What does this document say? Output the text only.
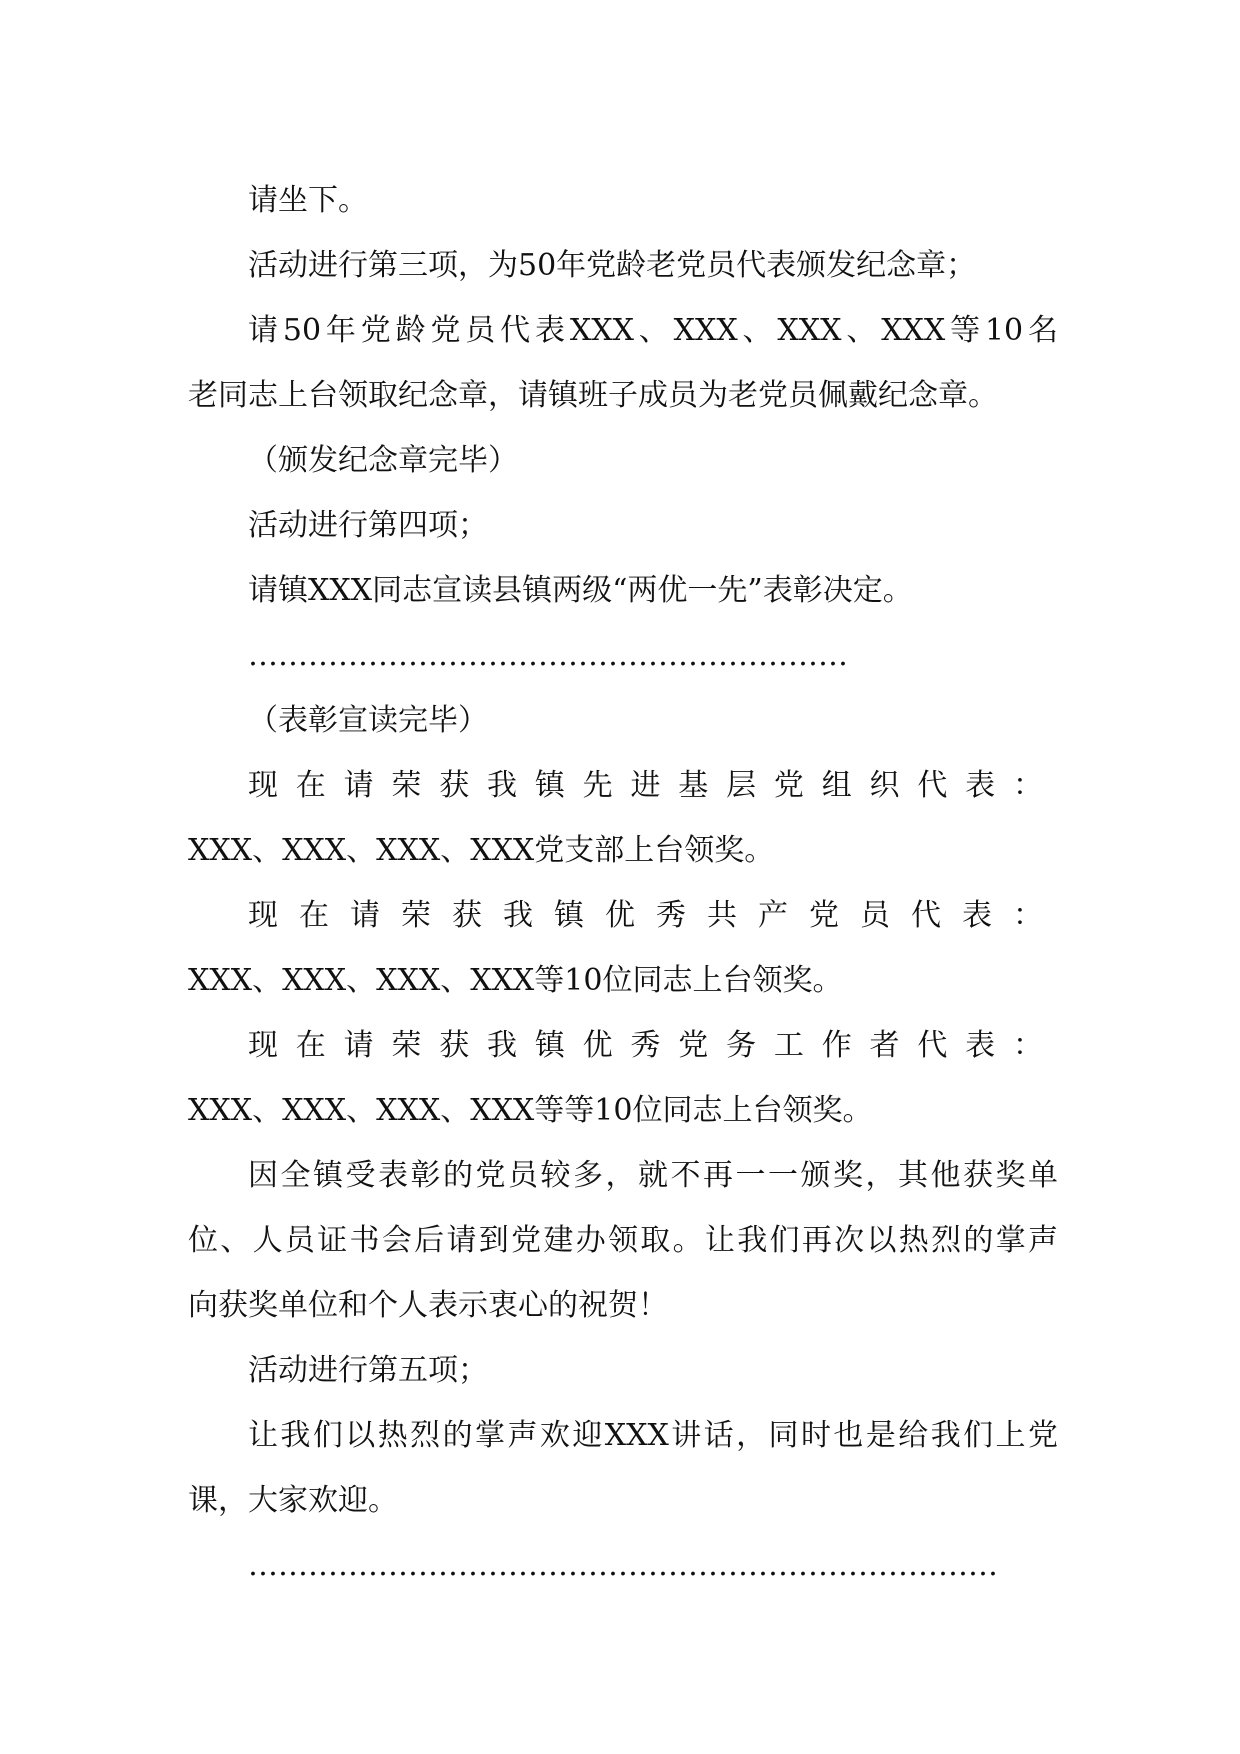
请坐下。

活动进行第三项，为50年党龄老党员代表颁发纪念章；

请50年党龄党员代表XXX、XXX、XXX、XXX等10名

老同志上台领取纪念章，请镇班子成员为老党员佩戴纪念章。

（颁发纪念章完毕）

活动进行第四项；

请镇XXX同志宣读县镇两级“两优一先”表彰决定。

……………………………………………………

（表彰宣读完毕）

现在请荣获我镇先进基层党组织代表：

XXX、XXX、XXX、XXX党支部上台领奖。

现在请荣获我镇优秀共产党员代表：

XXX、XXX、XXX、XXX等10位同志上台领奖。

现在请荣获我镇优秀党务工作者代表：

XXX、XXX、XXX、XXX等等10位同志上台领奖。

因全镇受表彰的党员较多，就不再一一颁奖，其他获奖单

位、人员证书会后请到党建办领取。让我们再次以热烈的掌声

向获奖单位和个人表示衷心的祝贺！

活动进行第五项；

让我们以热烈的掌声欢迎XXX讲话，同时也是给我们上党

课，大家欢迎。

…………………………………………………………………
